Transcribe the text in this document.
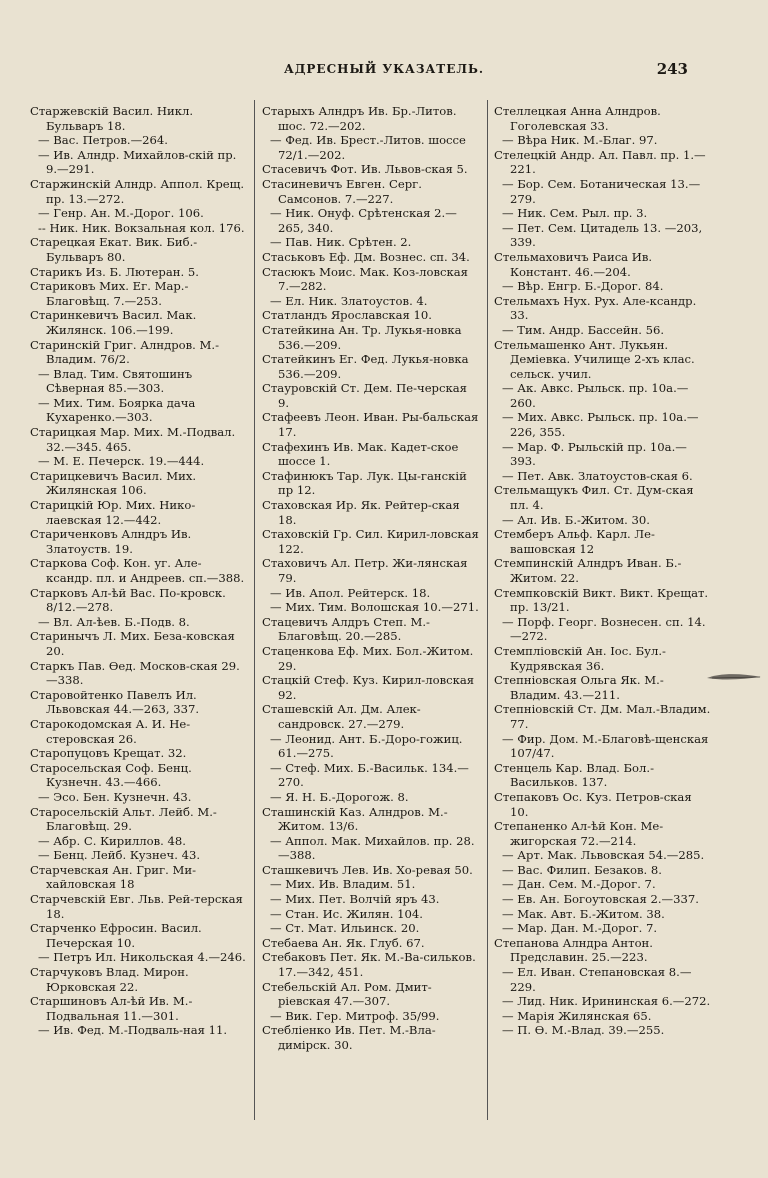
АДРЕСНЫЙ УКАЗАТЕЛЬ.	243

Старжевскій Васил. Никл. Бульваръ 18.

— Вас. Петров.—264.

— Ив. Алндр. Михайлов-скій пр. 9.—291.

Старжинскій Алндр. Аппол. Крещ. пр. 13.—272.

— Генр. Ан. М.-Дорог. 106.

-- Ник. Ник. Вокзальная кол. 176.

Старецкая Екат. Вик. Биб.-Бульваръ 80.

Старикъ Из. Б. Лютеран. 5.

Стариковъ Мих. Ег. Мар.-Благовѣщ. 7.—253.

Старинкевичъ Васил. Мак. Жилянск. 106.—199.

Старинскій Григ. Алндров. М.-Владим. 76/2.

— Влад. Тим. Святошинъ Сѣверная 85.—303.

— Мих. Тим. Боярка дача Кухаренко.—303.

Старицкая Мар. Мих. М.-Подвал. 32.—345. 465.

— М. Е. Печерск. 19.—444.

Старицкевичъ Васил. Мих. Жилянская 106.

Старицкій Юр. Мих. Нико-лаевская 12.—442.

Стариченковъ Алндръ Ив. Златоуств. 19.

Старкова Соф. Кон. уг. Але-ксандр. пл. и Андреев. сп.—388.

Старковъ Ал-ѣй Вас. По-кровск. 8/12.—278.

— Вл. Ал-ѣев. Б.-Подв. 8.

Старинычъ Л. Мих. Беза-ковская 20.

Старкъ Пав. Ѳед. Москов-ская 29.—338.

Старовойтенко Павелъ Ил. Львовская 44.—263, 337.

Старокодомская А. И. Не-стеровская 26.

Старопуцовъ Крещат. 32.

Старосельская Соф. Бенц. Кузнечн. 43.—466.

— Эсо. Бен. Кузнечн. 43.

Старосельскій Альт. Лейб. М.-Благовѣщ. 29.

— Абр. С. Кириллов. 48.

— Бенц. Лейб. Кузнеч. 43.

Старчевская Ан. Григ. Ми-хайловская 18

Старчевскій Евг. Льв. Рей-терская 18.

Старченко Ефросин. Васил. Печерская 10.

— Петръ Ил. Никольская 4.—246.

Старчуковъ Влад. Мирон. Юрковская 22.

Старшиновъ Ал-ѣй Ив. М.-Подвальная 11.—301.

— Ив. Фед. М.-Подваль-ная 11.

Старыхъ Алндръ Ив. Бр.-Литов. шос. 72.—202.

— Фед. Ив. Брест.-Литов. шоссе 72/1.—202.

Стасевичъ Фот. Ив. Львов-ская 5.

Стасиневичъ Евген. Серг. Самсонов. 7.—227.

— Ник. Онуф. Срѣтенская 2.—265, 340.

— Пав. Ник. Срѣтен. 2.

Стаськовъ Еф. Дм. Вознес. сп. 34.

Стасюкъ Моис. Мак. Коз-ловская 7.—282.

— Ел. Ник. Златоустов. 4.

Статландъ Ярославская 10.

Статейкина Ан. Тр. Лукья-новка 536.—209.

Статейкинъ Ег. Фед. Лукья-новка 536.—209.

Стауровскій Ст. Дем. Пе-черская 9.

Стафеевъ Леон. Иван. Ры-бальская 17.

Стафехинъ Ив. Мак. Кадет-ское шоссе 1.

Стафинюкъ Тар. Лук. Цы-ганскій пр 12.

Стаховская Ир. Як. Рейтер-ская 18.

Стаховскій Гр. Сил. Кирил-ловская 122.

Стаховичъ Ал. Петр. Жи-лянская 79.

— Ив. Апол. Рейтерск. 18.

— Мих. Тим. Волошская 10.—271.

Стацевичъ Алдръ Степ. М.-Благовѣщ. 20.—285.

Стаценкова Еф. Мих. Бол.-Житом. 29.

Стацкій Стеф. Куз. Кирил-ловская 92.

Сташевскій Ал. Дм. Алек-сандровск. 27.—279.

— Леонид. Ант. Б.-Доро-гожиц. 61.—275.

— Стеф. Мих. Б.-Васильк. 134.—270.

— Я. Н. Б.-Дорогож. 8.

Сташинскій Каз. Алндров. М.-Житом. 13/6.

— Аппол. Мак. Михайлов. пр. 28.—388.

Сташкевичъ Лев. Ив. Хо-ревая 50.

— Мих. Ив. Владим. 51.

— Мих. Пет. Волчій яръ 43.

— Стан. Ис. Жилян. 104.

— Ст. Мат. Ильинск. 20.

Стебаева Ан. Як. Глуб. 67.

Стебаковъ Пет. Як. М.-Ва-сильков. 17.—342, 451.

Стебельскій Ал. Ром. Дмит-ріевская 47.—307.

— Вик. Гер. Митроф. 35/99.

Стебліенко Ив. Пет. М.-Вла-димірск. 30.

Стеллецкая Анна Алндров. Гоголевская 33.

— Вѣра Ник. М.-Благ. 97.

Стелецкій Андр. Ал. Павл. пр. 1.—221.

— Бор. Сем. Ботаническая 13.—279.

— Ник. Сем. Рыл. пр. 3.

— Пет. Сем. Цитадель 13. —203, 339.

Стельмаховичъ Раиса Ив. Констант. 46.—204.

— Вѣр. Енгр. Б.-Дорог. 84.

Стельмахъ Нух. Рух. Але-ксандр. 33.

— Тим. Андр. Бассейн. 56.

Стельмашенко Ант. Лукьян. Деміевка. Училище 2-хъ клас. сельск. учил.

— Ак. Авкс. Рыльск. пр. 10а.—260.

— Мих. Авкс. Рыльск. пр. 10а.—226, 355.

— Мар. Ф. Рыльскій пр. 10а.—393.

— Пет. Авк. Златоустов-ская 6.

Стельмащукъ Фил. Ст. Дум-ская пл. 4.

— Ал. Ив. Б.-Житом. 30.

Стемберъ Альф. Карл. Ле-вашовская 12

Стемпинскій Алндръ Иван. Б.-Житом. 22.

Стемпковскій Викт. Викт. Крещат. пр. 13/21.

— Порф. Георг. Вознесен. сп. 14.—272.

Стемпліовскій Ан. Іос. Бул.-Кудрявская 36.

Степніовская Ольга Як. М.-Владим. 43.—211.

Степніовскій Ст. Дм. Мал.-Владим. 77.

— Фир. Дом. М.-Благовѣ-щенская 107/47.

Стенцель Кар. Влад. Бол.-Васильков. 137.

Степаковъ Ос. Куз. Петров-ская 10.

Степаненко Ал-ѣй Кон. Ме-жигорская 72.—214.

— Арт. Мак. Львовская 54.—285.

— Вас. Филип. Безаков. 8.

— Дан. Сем. М.-Дорог. 7.

— Ев. Ан. Богоутовская 2.—337.

— Мак. Авт. Б.-Житом. 38.

— Мар. Дан. М.-Дорог. 7.

Степанова Алндра Антон. Предславин. 25.—223.

— Ел. Иван. Степановская 8.—229.

— Лид. Ник. Ирининская 6.—272.

— Марія Жилянская 65.

— П. Ѳ. М.-Влад. 39.—255.
